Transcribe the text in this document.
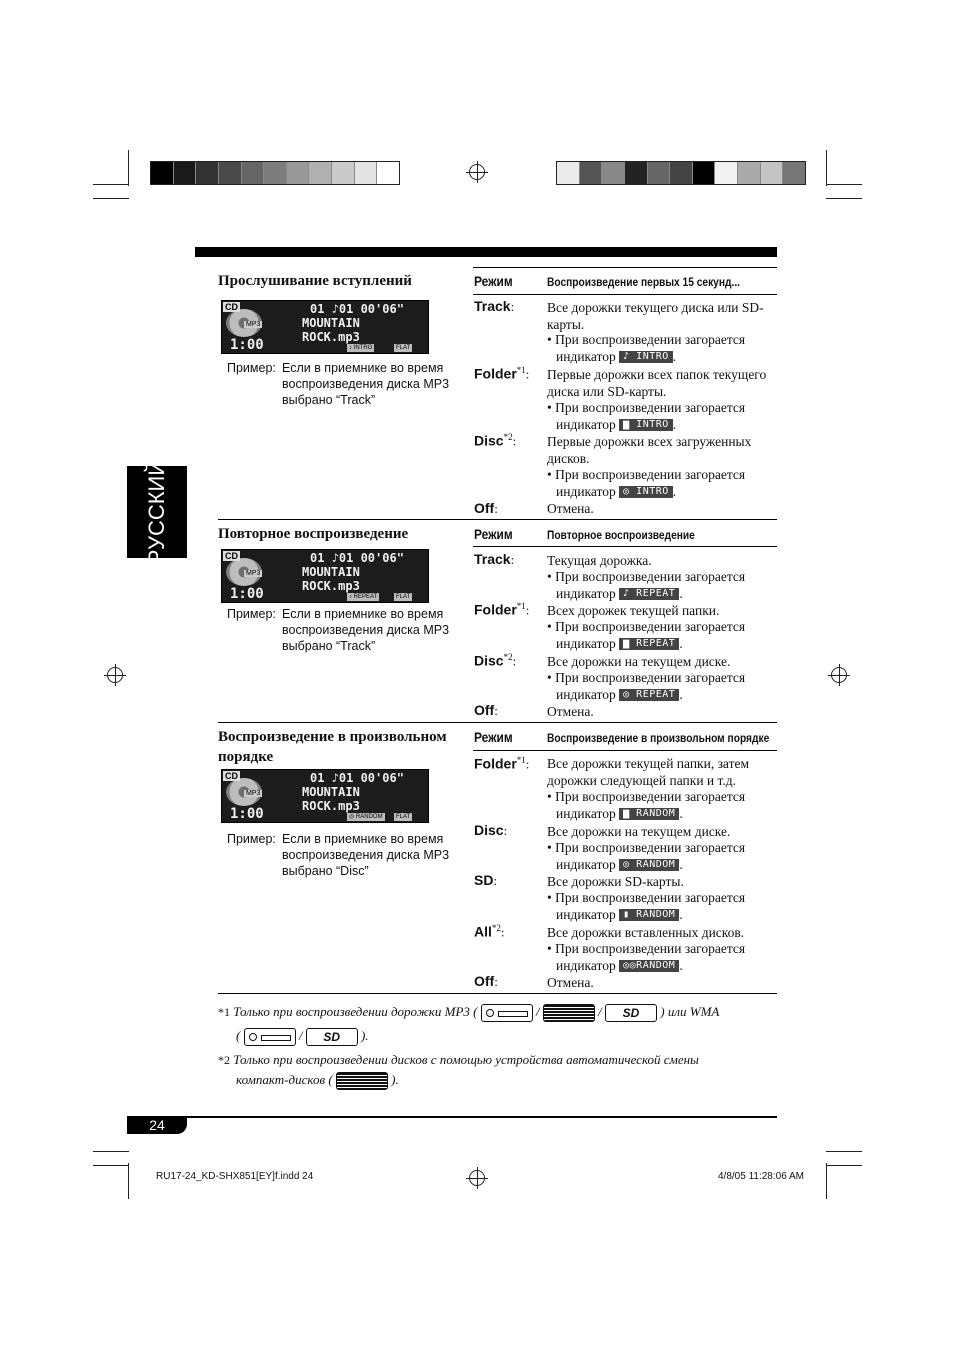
РУССКИЙ
Прослушивание вступлений
CD
MP3
01 ♪01 00'06"
MOUNTAIN
ROCK.mp3
1:00	♪ INTRO	FLAT
Пример: Если в приемнике во время воспроизведения диска MP3 выбрано “Track”
Режим	Воспроизведение первых 15 секунд...
Track: Все дорожки текущего диска или SD-карты.
• При воспроизведении загорается
индикатор ♪ INTRO .
Folder$^{*1}$: Первые дорожки всех папок текущего диска или SD-карты.
• При воспроизведении загорается
индикатор ▆ INTRO .
Disc$^{*2}$: Первые дорожки всех загруженных дисков.
• При воспроизведении загорается
индикатор ◎ INTRO .
Off:	Отмена.
Повторное воспроизведение
CD
MP3
01 ♪01 00'06"
MOUNTAIN
ROCK.mp3
1:00	♪ REPEAT	FLAT
Пример: Если в приемнике во время воспроизведения диска MP3 выбрано “Track”
Режим	Повторное воспроизведение
Track: Текущая дорожка.
• При воспроизведении загорается
индикатор ♪ REPEAT .
Folder$^{*1}$: Всех дорожек текущей папки.
• При воспроизведении загорается
индикатор ▆ REPEAT .
Disc$^{*2}$: Все дорожки на текущем диске.
• При воспроизведении загорается
индикатор ◎ REPEAT .
Off:	Отмена.
Воспроизведение в произвольном порядке
CD
MP3
01 ♪01 00'06"
MOUNTAIN
ROCK.mp3
1:00	◎ RANDOM	FLAT
Пример: Если в приемнике во время воспроизведения диска MP3 выбрано “Disc”
Режим	Воспроизведение в произвольном порядке
Folder$^{*1}$: Все дорожки текущей папки, затем дорожки следующей папки и т.д.
• При воспроизведении загорается
индикатор ▆ RANDOM .
Disc:	Все дорожки на текущем диске.
• При воспроизведении загорается
индикатор ◎ RANDOM .
SD:	Все дорожки SD-карты.
• При воспроизведении загорается
индикатор ▮ RANDOM .
All$^{*2}$:	Все дорожки вставленных дисков.
• При воспроизведении загорается
индикатор ◎◎RANDOM .
Off:	Отмена.
*1 Только при воспроизведении дорожки MP3 (	/	/ SD ) или WMA
(	/ SD ).
*2 Только при воспроизведении дисков с помощью устройства автоматической смены
компакт-дисков (	).
24
RU17-24_KD-SHX851[EY]f.indd 24	4/8/05 11:28:06 AM
